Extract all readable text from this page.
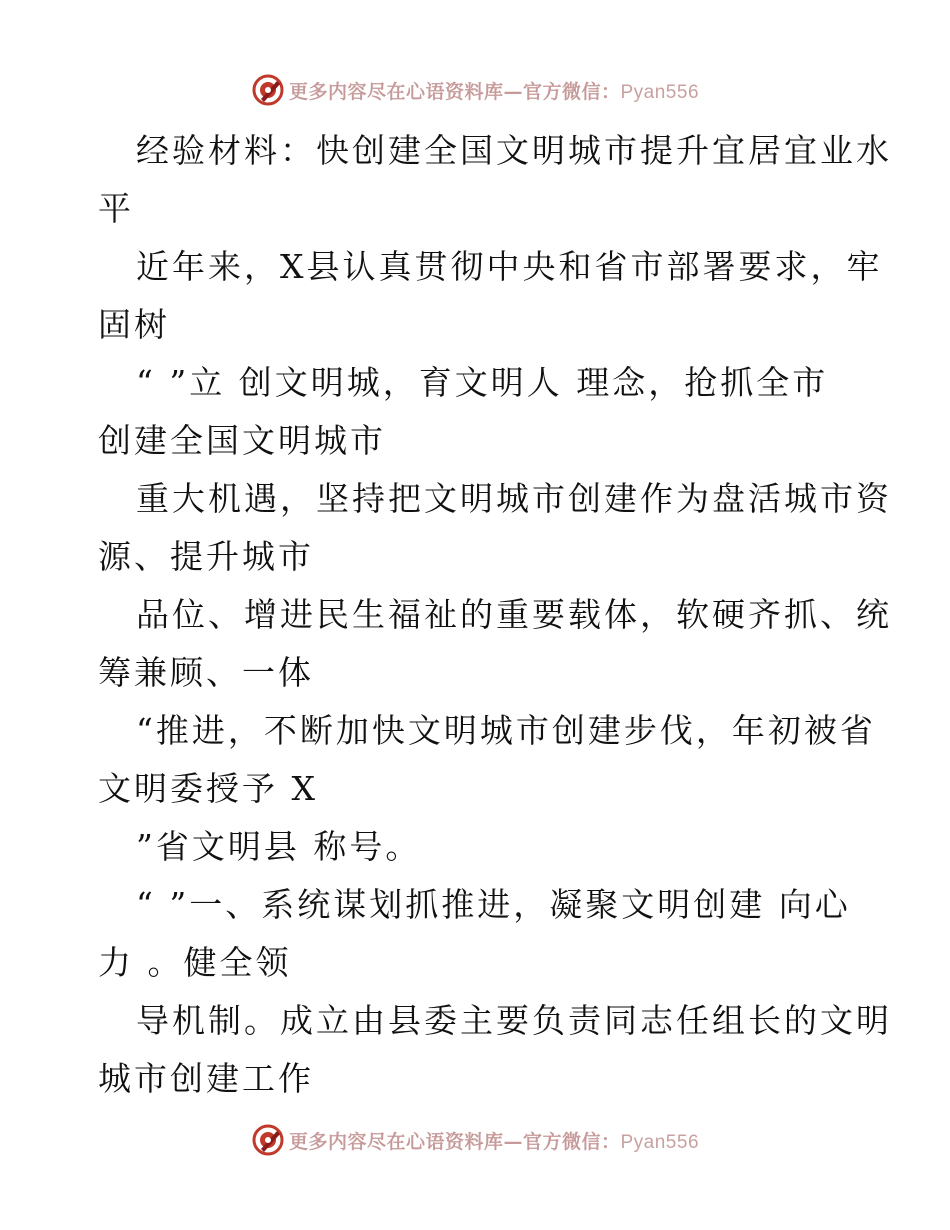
更多内容尽在心语资料库—官方微信：Pyan556
经验材料：快创建全国文明城市提升宜居宜业水
平
近年来，X县认真贯彻中央和省市部署要求，牢
固树
“ ”立 创文明城，育文明人 理念，抢抓全市
创建全国文明城市
重大机遇，坚持把文明城市创建作为盘活城市资
源、提升城市
品位、增进民生福祉的重要载体，软硬齐抓、统
筹兼顾、一体
“推进，不断加快文明城市创建步伐，年初被省
文明委授予 X
”省文明县 称号。
“ ”一、系统谋划抓推进，凝聚文明创建 向心
力 。健全领
导机制。成立由县委主要负责同志任组长的文明
城市创建工作
更多内容尽在心语资料库—官方微信：Pyan556
